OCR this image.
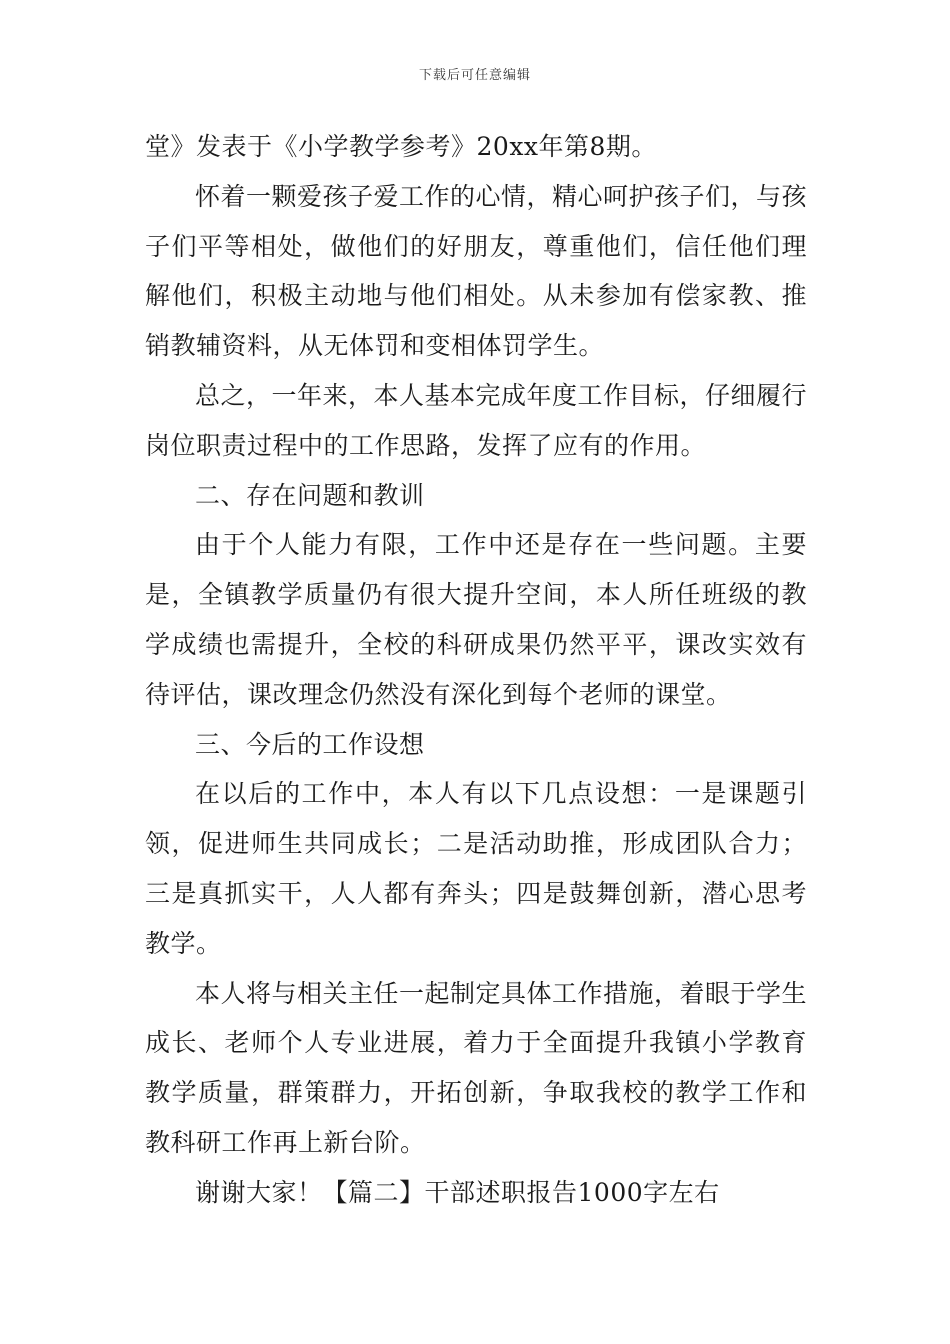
下载后可任意编辑

堂》发表于《小学教学参考》20xx年第8期。

怀着一颗爱孩子爱工作的心情，精心呵护孩子们，与孩子们平等相处，做他们的好朋友，尊重他们，信任他们理解他们，积极主动地与他们相处。从未参加有偿家教、推销教辅资料，从无体罚和变相体罚学生。

总之，一年来，本人基本完成年度工作目标，仔细履行岗位职责过程中的工作思路，发挥了应有的作用。

二、存在问题和教训

由于个人能力有限，工作中还是存在一些问题。主要是，全镇教学质量仍有很大提升空间，本人所任班级的教学成绩也需提升，全校的科研成果仍然平平，课改实效有待评估，课改理念仍然没有深化到每个老师的课堂。

三、今后的工作设想

在以后的工作中，本人有以下几点设想：一是课题引领，促进师生共同成长；二是活动助推，形成团队合力；三是真抓实干，人人都有奔头；四是鼓舞创新，潜心思考教学。

本人将与相关主任一起制定具体工作措施，着眼于学生成长、老师个人专业进展，着力于全面提升我镇小学教育教学质量，群策群力，开拓创新，争取我校的教学工作和教科研工作再上新台阶。

谢谢大家！【篇二】干部述职报告1000字左右
